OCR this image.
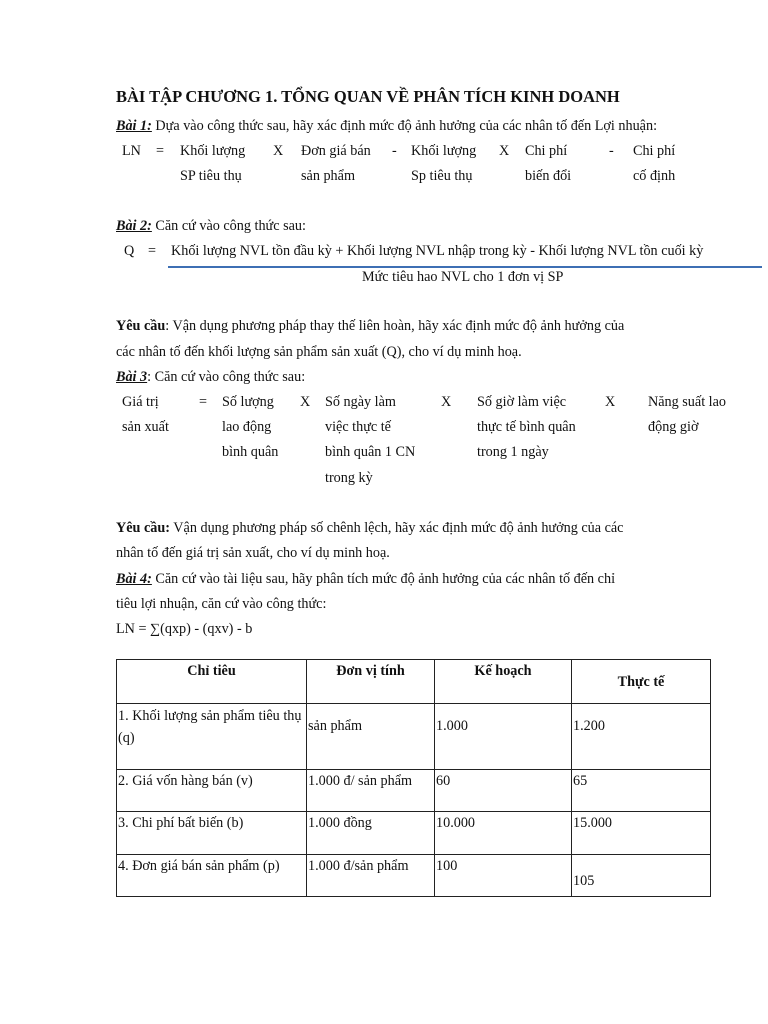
BÀI TẬP CHƯƠNG 1. TỔNG QUAN VỀ PHÂN TÍCH KINH DOANH
Bài 1: Dựa vào công thức sau, hãy xác định mức độ ảnh hưởng của các nhân tố đến Lợi nhuận:
LN = Khối lượng
SP tiêu thụ
X Đơn giá bán
sản phẩm
- Khối lượng
Sp tiêu thụ
X Chi phí
biến đổi
- Chi phí
cố định
Bài 2: Căn cứ vào công thức sau:
Q = Khối lượng NVL tồn đầu kỳ + Khối lượng NVL nhập trong kỳ - Khối lượng NVL tồn cuối kỳ
Mức tiêu hao NVL cho 1 đơn vị SP
Yêu cầu: Vận dụng phương pháp thay thế liên hoàn, hãy xác định mức độ ảnh hưởng của
các nhân tố đến khối lượng sản phẩm sản xuất (Q), cho ví dụ minh hoạ.
Bài 3: Căn cứ vào công thức sau:
Giá trị
sản xuất
= Số lượng
lao động
bình quân
X Số ngày làm
việc thực tế
bình quân 1 CN
trong kỳ
X Số giờ làm việc
thực tế bình quân
trong 1 ngày
X Năng suất lao
động giờ
Yêu cầu: Vận dụng phương pháp số chênh lệch, hãy xác định mức độ ảnh hưởng của các
nhân tố đến giá trị sản xuất, cho ví dụ minh hoạ.
Bài 4: Căn cứ vào tài liệu sau, hãy phân tích mức độ ảnh hưởng của các nhân tố đến chỉ
tiêu lợi nhuận, căn cứ vào công thức:
LN = ∑(qxp) - (qxv) - b
Chỉ tiêu	Đơn vị tính	Kế hoạch	Thực tế
1. Khối lượng sản phẩm tiêu thụ (q)	sản phẩm	1.000	1.200
2. Giá vốn hàng bán (v)	1.000 đ/ sản phẩm	60	65
3. Chi phí bất biến (b)	1.000 đồng	10.000	15.000
4. Đơn giá bán sản phẩm (p)	1.000 đ/sản phẩm	100	105
